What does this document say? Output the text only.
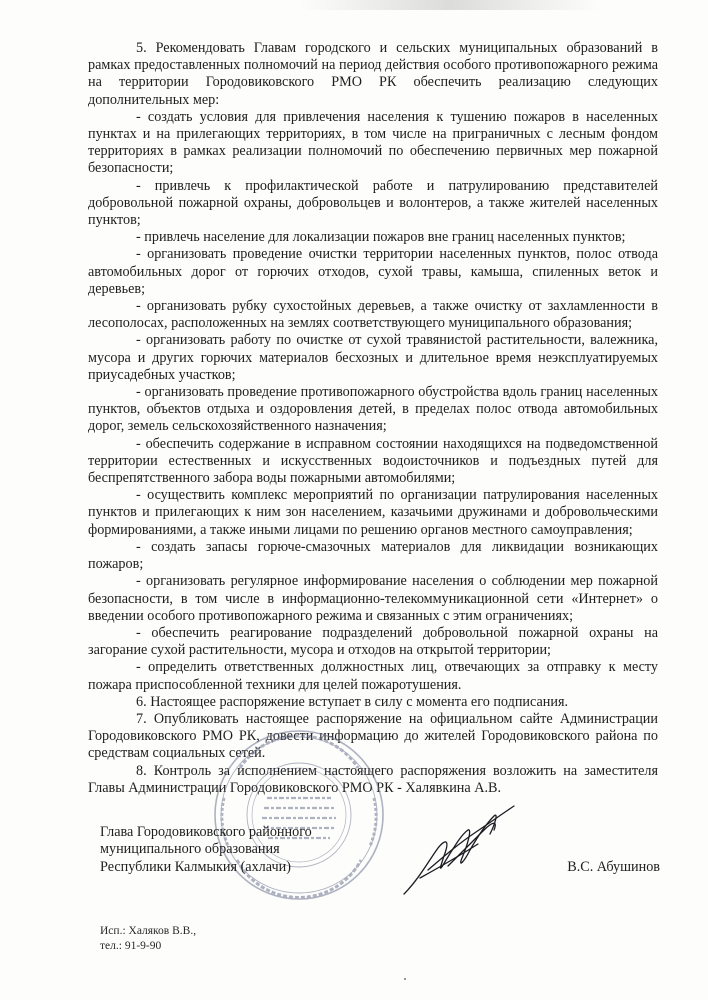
5. Рекомендовать Главам городского и сельских муниципальных образований в рамках предоставленных полномочий на период действия особого противопожарного режима на территории Городовиковского РМО РК обеспечить реализацию следующих дополнительных мер:

- создать условия для привлечения населения к тушению пожаров в населенных пунктах и на прилегающих территориях, в том числе на приграничных с лесным фондом территориях в рамках реализации полномочий по обеспечению первичных мер пожарной безопасности;

- привлечь к профилактической работе и патрулированию представителей добровольной пожарной охраны, добровольцев и волонтеров, а также жителей населенных пунктов;

- привлечь население для локализации пожаров вне границ населенных пунктов;

- организовать проведение очистки территории населенных пунктов, полос отвода автомобильных дорог от горючих отходов, сухой травы, камыша, спиленных веток и деревьев;

- организовать рубку сухостойных деревьев, а также очистку от захламленности в лесополосах, расположенных на землях соответствующего муниципального образования;

- организовать работу по очистке от сухой травянистой растительности, валежника, мусора и других горючих материалов бесхозных и длительное время неэксплуатируемых приусадебных участков;

- организовать проведение противопожарного обустройства вдоль границ населенных пунктов, объектов отдыха и оздоровления детей, в пределах полос отвода автомобильных дорог, земель сельскохозяйственного назначения;

- обеспечить содержание в исправном состоянии находящихся на подведомственной территории естественных и искусственных водоисточников и подъездных путей для беспрепятственного забора воды пожарными автомобилями;

- осуществить комплекс мероприятий по организации патрулирования населенных пунктов и прилегающих к ним зон населением, казачьими дружинами и добровольческими формированиями, а также иными лицами по решению органов местного самоуправления;

- создать запасы горюче-смазочных материалов для ликвидации возникающих пожаров;

- организовать регулярное информирование населения о соблюдении мер пожарной безопасности, в том числе в информационно-телекоммуникационной сети «Интернет» о введении особого противопожарного режима и связанных с этим ограничениях;

- обеспечить реагирование подразделений добровольной пожарной охраны на загорание сухой растительности, мусора и отходов на открытой территории;

- определить ответственных должностных лиц, отвечающих за отправку к месту пожара приспособленной техники для целей пожаротушения.

6. Настоящее распоряжение вступает в силу с момента его подписания.

7. Опубликовать настоящее распоряжение на официальном сайте Администрации Городовиковского РМО РК, довести информацию до жителей Городовиковского района по средствам социальных сетей.

8. Контроль за исполнением настоящего распоряжения возложить на заместителя Главы Администрации Городовиковского РМО РК - Халявкина А.В.

Глава Городовиковского районного
муниципального образования
Республики Калмыкия (ахлачи)	В.С. Абушинов
Исп.: Халяков В.В.,
тел.: 91-9-90
